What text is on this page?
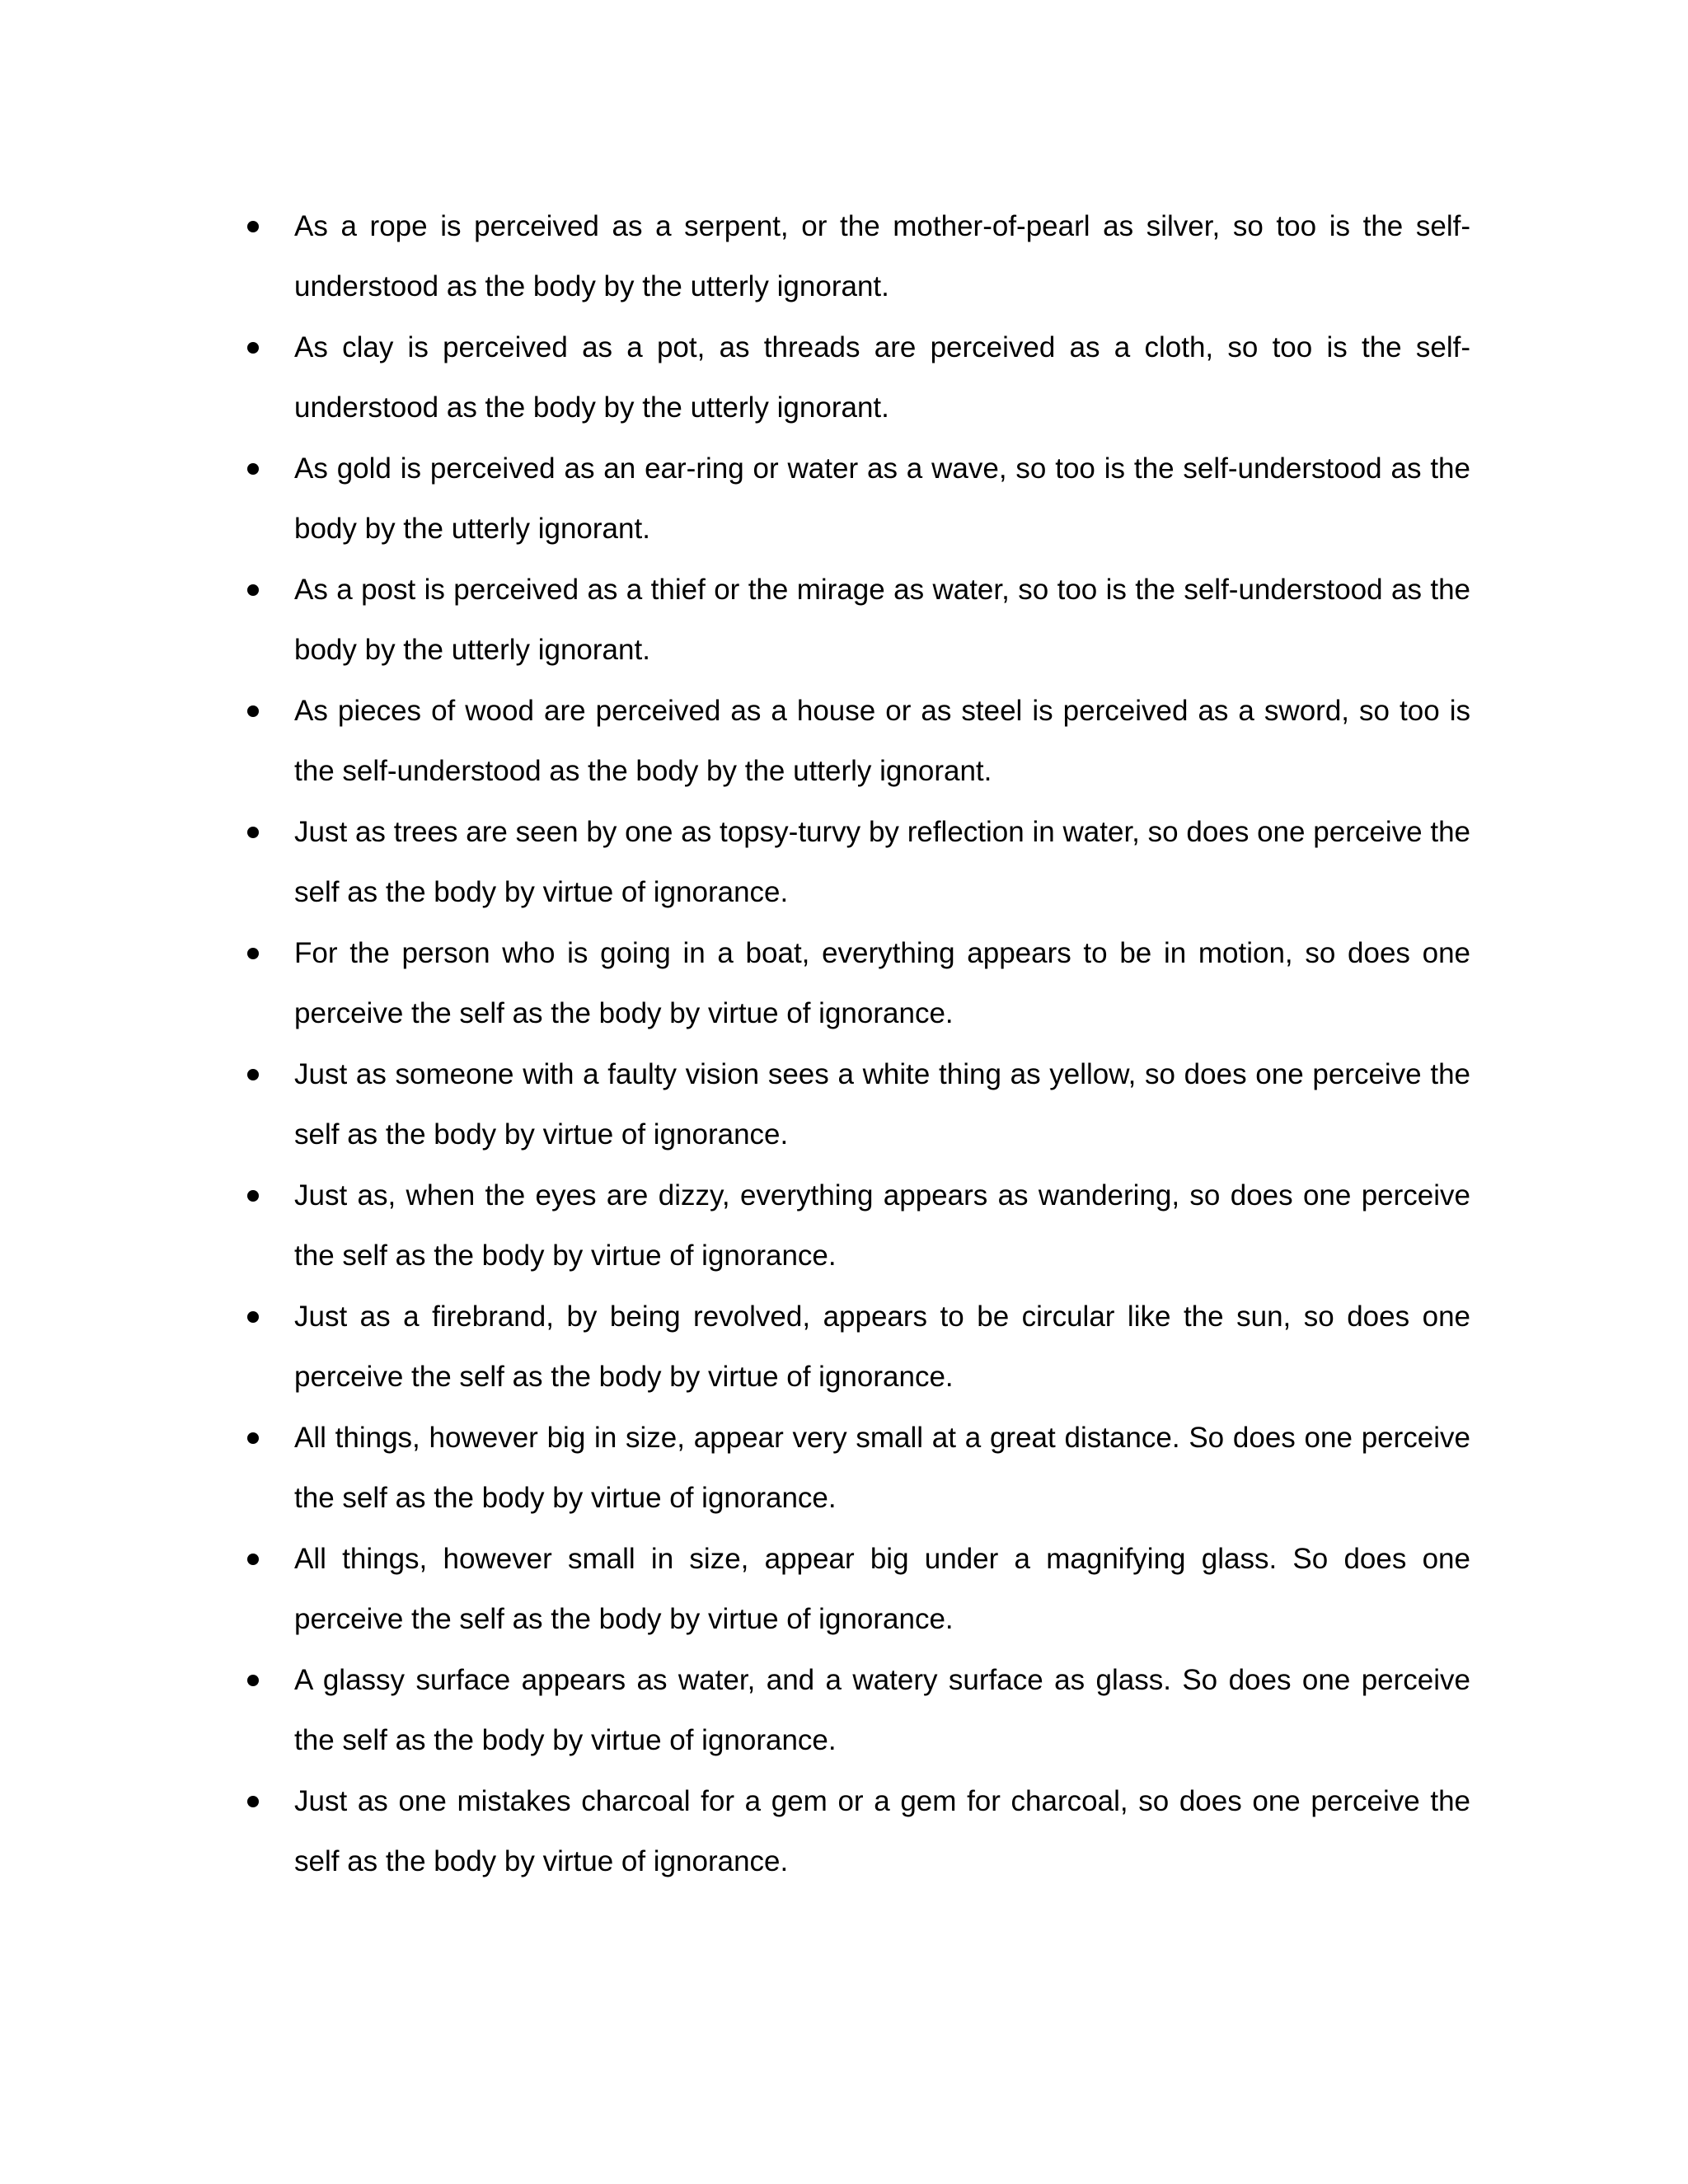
As a rope is perceived as a serpent, or the mother-of-pearl as silver, so too is the self-understood as the body by the utterly ignorant.
As clay is perceived as a pot, as threads are perceived as a cloth, so too is the self-understood as the body by the utterly ignorant.
As gold is perceived as an ear-ring or water as a wave, so too is the self-understood as the body by the utterly ignorant.
As a post is perceived as a thief or the mirage as water, so too is the self-understood as the body by the utterly ignorant.
As pieces of wood are perceived as a house or as steel is perceived as a sword, so too is the self-understood as the body by the utterly ignorant.
Just as trees are seen by one as topsy-turvy by reflection in water, so does one perceive the self as the body by virtue of ignorance.
For the person who is going in a boat, everything appears to be in motion, so does one perceive the self as the body by virtue of ignorance.
Just as someone with a faulty vision sees a white thing as yellow, so does one perceive the self as the body by virtue of ignorance.
Just as, when the eyes are dizzy, everything appears as wandering, so does one perceive the self as the body by virtue of ignorance.
Just as a firebrand, by being revolved, appears to be circular like the sun, so does one perceive the self as the body by virtue of ignorance.
All things, however big in size, appear very small at a great distance. So does one perceive the self as the body by virtue of ignorance.
All things, however small in size, appear big under a magnifying glass. So does one perceive the self as the body by virtue of ignorance.
A glassy surface appears as water, and a watery surface as glass. So does one perceive the self as the body by virtue of ignorance.
Just as one mistakes charcoal for a gem or a gem for charcoal, so does one perceive the self as the body by virtue of ignorance.
